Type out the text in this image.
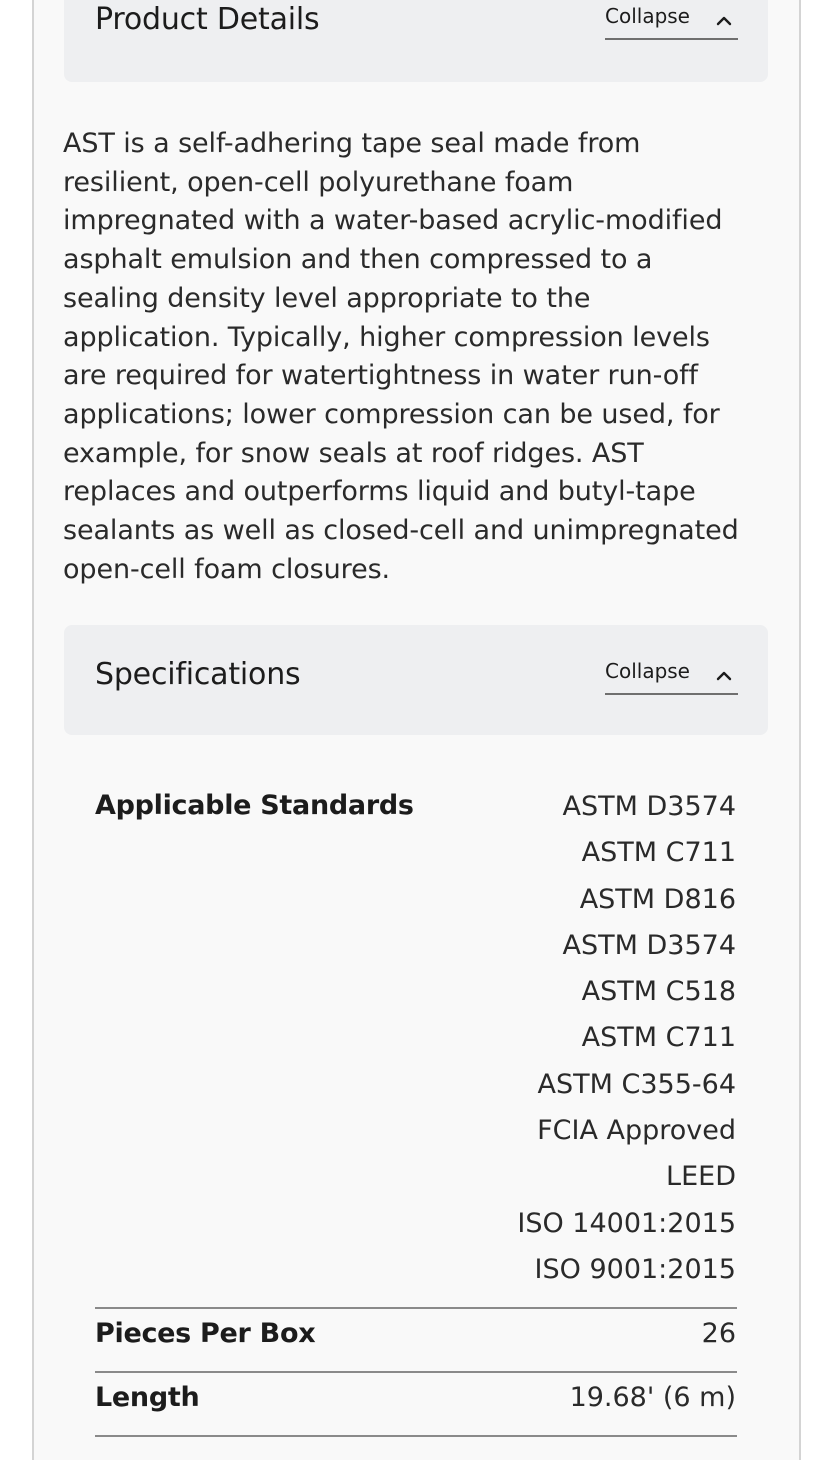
Product Details	Collapse

AST is a self-adhering tape seal made from resilient, open-cell polyurethane foam impregnated with a water-based acrylic-modified asphalt emulsion and then compressed to a sealing density level appropriate to the application. Typically, higher compression levels are required for watertightness in water run-off applications; lower compression can be used, for example, for snow seals at roof ridges. AST replaces and outperforms liquid and butyl-tape sealants as well as closed-cell and unimpregnated open-cell foam closures.

Specifications	Collapse
Applicable Standards	ASTM D3574
ASTM C711
ASTM D816
ASTM D3574
ASTM C518
ASTM C711
ASTM C355-64
FCIA Approved
LEED
ISO 14001:2015
ISO 9001:2015
Pieces Per Box	26
Length	19.68' (6 m)
